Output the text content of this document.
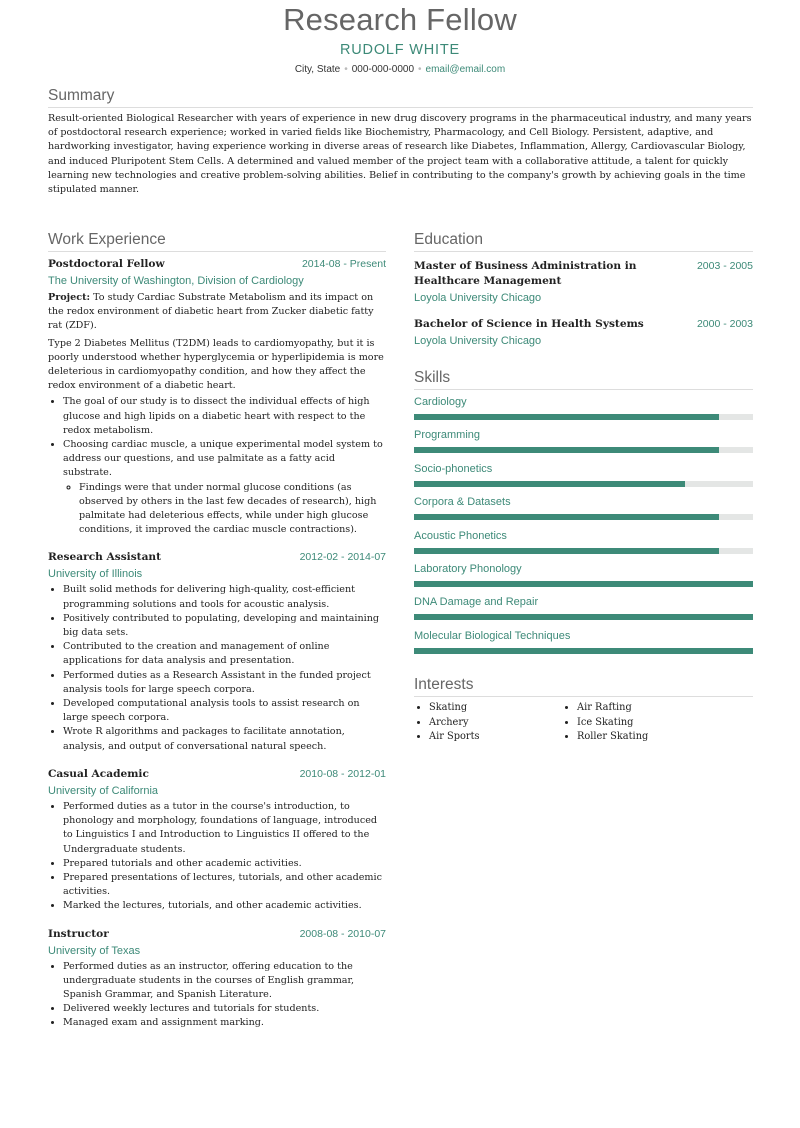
Research Fellow
RUDOLF WHITE
City, State • 000-000-0000 • email@email.com
Summary

Result-oriented Biological Researcher with years of experience in new drug discovery programs in the pharmaceutical industry, and many years of postdoctoral research experience; worked in varied fields like Biochemistry, Pharmacology, and Cell Biology. Persistent, adaptive, and hardworking investigator, having experience working in diverse areas of research like Diabetes, Inflammation, Allergy, Cardiovascular Biology, and induced Pluripotent Stem Cells. A determined and valued member of the project team with a collaborative attitude, a talent for quickly learning new technologies and creative problem-solving abilities. Belief in contributing to the company's growth by achieving goals in the time stipulated manner.

Work Experience
Postdoctoral Fellow	2014-08 - Present
The University of Washington, Division of Cardiology

Project: To study Cardiac Substrate Metabolism and its impact on the redox environment of diabetic heart from Zucker diabetic fatty rat (ZDF).

Type 2 Diabetes Mellitus (T2DM) leads to cardiomyopathy, but it is poorly understood whether hyperglycemia or hyperlipidemia is more deleterious in cardiomyopathy condition, and how they affect the redox environment of a diabetic heart.

• The goal of our study is to dissect the individual effects of high glucose and high lipids on a diabetic heart with respect to the redox metabolism.
• Choosing cardiac muscle, a unique experimental model system to address our questions, and use palmitate as a fatty acid substrate.
◦ Findings were that under normal glucose conditions (as observed by others in the last few decades of research), high palmitate had deleterious effects, while under high glucose conditions, it improved the cardiac muscle contractions).
Research Assistant	2012-02 - 2014-07
University of Illinois
• Built solid methods for delivering high-quality, cost-efficient programming solutions and tools for acoustic analysis.
• Positively contributed to populating, developing and maintaining big data sets.
• Contributed to the creation and management of online applications for data analysis and presentation.
• Performed duties as a Research Assistant in the funded project analysis tools for large speech corpora.
• Developed computational analysis tools to assist research on large speech corpora.
• Wrote R algorithms and packages to facilitate annotation, analysis, and output of conversational natural speech.
Casual Academic	2010-08 - 2012-01
University of California
• Performed duties as a tutor in the course's introduction, to phonology and morphology, foundations of language, introduced to Linguistics I and Introduction to Linguistics II offered to the Undergraduate students.
• Prepared tutorials and other academic activities.
• Prepared presentations of lectures, tutorials, and other academic activities.
• Marked the lectures, tutorials, and other academic activities.
Instructor	2008-08 - 2010-07
University of Texas
• Performed duties as an instructor, offering education to the undergraduate students in the courses of English grammar, Spanish Grammar, and Spanish Literature.
• Delivered weekly lectures and tutorials for students.
• Managed exam and assignment marking.
Education
Master of Business Administration in Healthcare Management
2003 - 2005
Loyola University Chicago
Bachelor of Science in Health Systems	2000 - 2003
Loyola University Chicago
Skills
Cardiology
Programming
Socio-phonetics
Corpora & Datasets
Acoustic Phonetics
Laboratory Phonology
DNA Damage and Repair
Molecular Biological Techniques
Interests
• Skating
• Archery
• Air Sports
• Air Rafting
• Ice Skating
• Roller Skating
